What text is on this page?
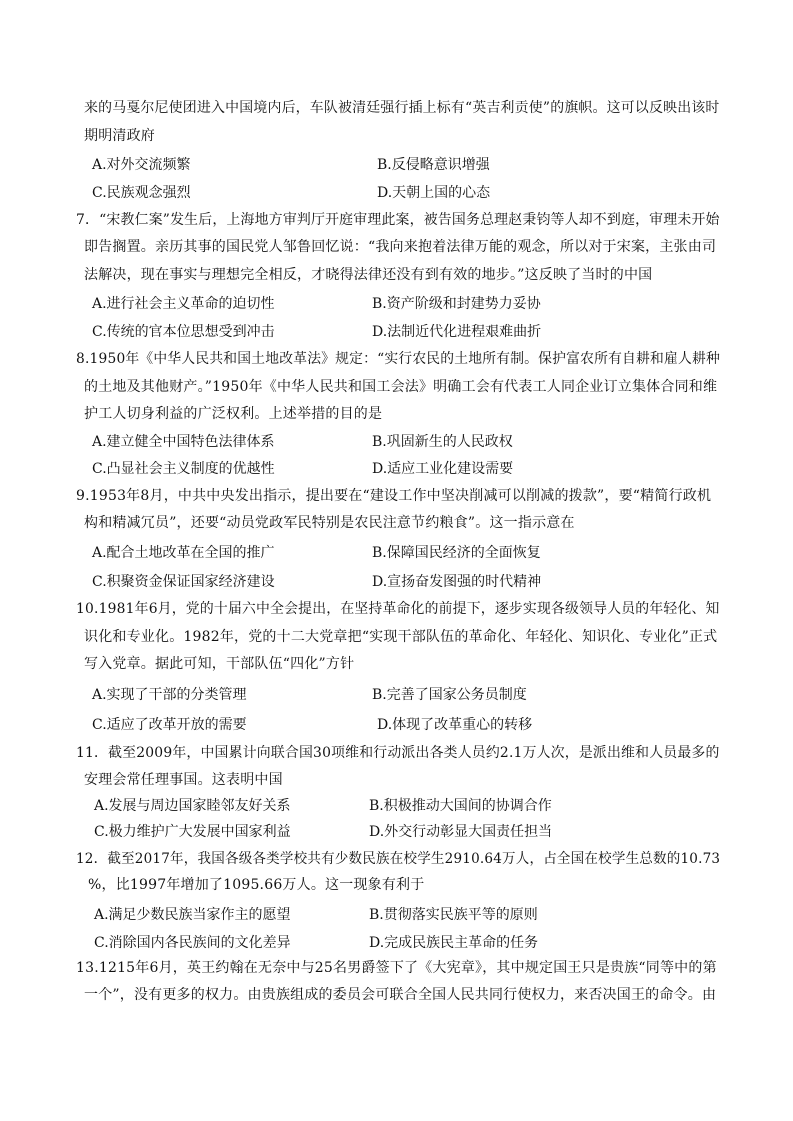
来的马戛尔尼使团进入中国境内后，车队被清廷强行插上标有“英吉利贡使”的旗帜。这可以反映出该时
期明清政府
A.对外交流频繁	B.反侵略意识增强
C.民族观念强烈	D.天朝上国的心态
7．“宋教仁案”发生后，上海地方审判厅开庭审理此案，被告国务总理赵秉钧等人却不到庭，审理未开始
即告搁置。亲历其事的国民党人邹鲁回忆说：“我向来抱着法律万能的观念，所以对于宋案，主张由司
法解决，现在事实与理想完全相反，才晓得法律还没有到有效的地步。”这反映了当时的中国
A.进行社会主义革命的迫切性	B.资产阶级和封建势力妥协
C.传统的官本位思想受到冲击	D.法制近代化进程艰难曲折
8.1950年《中华人民共和国土地改革法》规定：“实行农民的土地所有制。保护富农所有自耕和雇人耕种
的土地及其他财产。”1950年《中华人民共和国工会法》明确工会有代表工人同企业订立集体合同和维
护工人切身利益的广泛权利。上述举措的目的是
A.建立健全中国特色法律体系	B.巩固新生的人民政权
C.凸显社会主义制度的优越性	D.适应工业化建设需要
9.1953年8月，中共中央发出指示，提出要在“建设工作中坚决削减可以削减的拨款”，要“精简行政机
构和精减冗员”，还要“动员党政军民特别是农民注意节约粮食”。这一指示意在
A.配合土地改革在全国的推广	B.保障国民经济的全面恢复
C.积聚资金保证国家经济建设	D.宣扬奋发图强的时代精神
10.1981年6月，党的十届六中全会提出，在坚持革命化的前提下，逐步实现各级领导人员的年轻化、知
识化和专业化。1982年，党的十二大党章把“实现干部队伍的革命化、年轻化、知识化、专业化”正式
写入党章。据此可知，干部队伍“四化”方针
A.实现了干部的分类管理	B.完善了国家公务员制度
C.适应了改革开放的需要	D.体现了改革重心的转移
11．截至2009年，中国累计向联合国30项维和行动派出各类人员约2.1万人次，是派出维和人员最多的
安理会常任理事国。这表明中国
A.发展与周边国家睦邻友好关系	B.积极推动大国间的协调合作
C.极力维护广大发展中国家利益	D.外交行动彰显大国责任担当
12．截至2017年，我国各级各类学校共有少数民族在校学生2910.64万人，占全国在校学生总数的10.73
%，比1997年增加了1095.66万人。这一现象有利于
A.满足少数民族当家作主的愿望	B.贯彻落实民族平等的原则
C.消除国内各民族间的文化差异	D.完成民族民主革命的任务
13.1215年6月，英王约翰在无奈中与25名男爵签下了《大宪章》，其中规定国王只是贵族“同等中的第
一个”，没有更多的权力。由贵族组成的委员会可联合全国人民共同行使权力，来否决国王的命令。由
